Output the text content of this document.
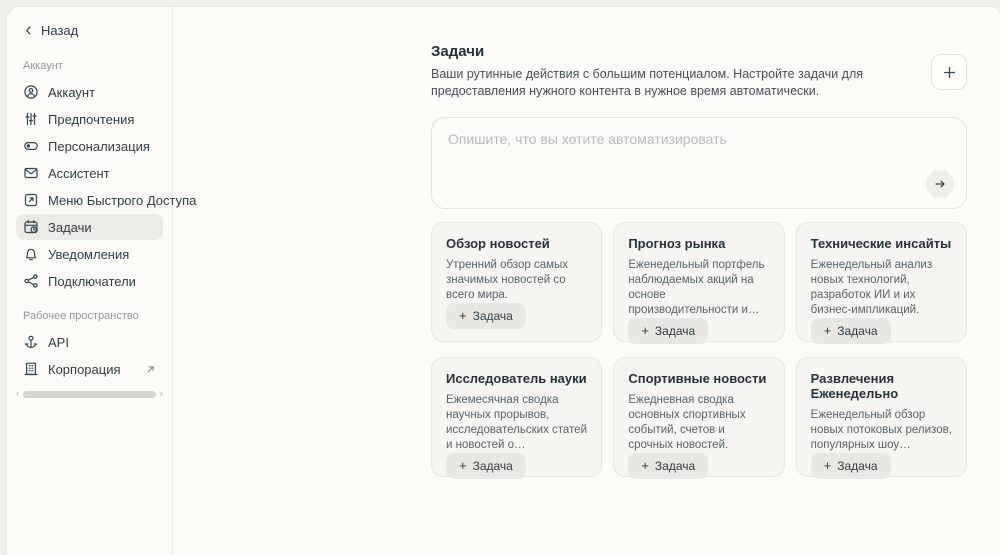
Назад
Аккаунт
Аккаунт
Предпочтения
Персонализация
Ассистент
Меню Быстрого Доступа
Задачи
Уведомления
Подключатели
Рабочее пространство
API
Корпорация
‹	›
Задачи

Ваши рутинные действия с большим потенциалом. Настройте задачи для предоставления нужного контента в нужное время автоматически.

Опишите, что вы хотите автоматизировать
Обзор новостей
Утренний обзор самых значимых новостей со всего мира.
+ Задача
Прогноз рынка
Еженедельный портфель наблюдаемых акций на основе производительности и…
+ Задача
Технические инсайты
Еженедельный анализ новых технологий, разработок ИИ и их бизнес-импликаций.
+ Задача
Исследователь науки
Ежемесячная сводка научных прорывов, исследовательских статей и новостей о…
+ Задача
Спортивные новости
Ежедневная сводка основных спортивных событий, счетов и срочных новостей.
+ Задача
Развлечения Еженедельно
Еженедельный обзор новых потоковых релизов, популярных шоу…
+ Задача
